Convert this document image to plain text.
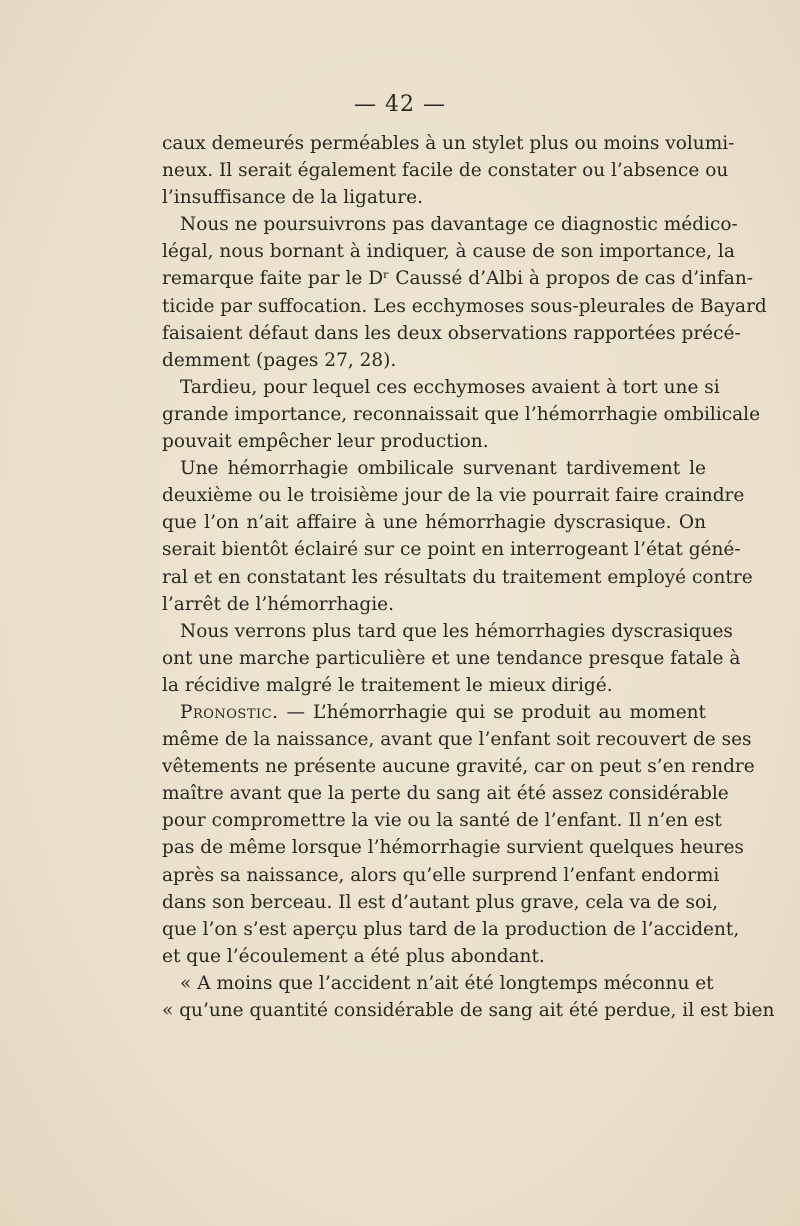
— 42 —
caux demeurés perméables à un stylet plus ou moins volumi-
neux. Il serait également facile de constater ou l’absence ou
l’insuffisance de la ligature.
Nous ne poursuivrons pas davantage ce diagnostic médico-
légal, nous bornant à indiquer, à cause de son importance, la
remarque faite par le Dʳ Caussé d’Albi à propos de cas d’infan-
ticide par suffocation. Les ecchymoses sous-pleurales de Bayard
faisaient défaut dans les deux observations rapportées précé-
demment (pages 27, 28).
Tardieu, pour lequel ces ecchymoses avaient à tort une si
grande importance, reconnaissait que l’hémorrhagie ombilicale
pouvait empêcher leur production.
Une hémorrhagie ombilicale survenant tardivement le
deuxième ou le troisième jour de la vie pourrait faire craindre
que l’on n’ait affaire à une hémorrhagie dyscrasique. On
serait bientôt éclairé sur ce point en interrogeant l’état géné-
ral et en constatant les résultats du traitement employé contre
l’arrêt de l’hémorrhagie.
Nous verrons plus tard que les hémorrhagies dyscrasiques
ont une marche particulière et une tendance presque fatale à
la récidive malgré le traitement le mieux dirigé.
Pronostic. — L’hémorrhagie qui se produit au moment
même de la naissance, avant que l’enfant soit recouvert de ses
vêtements ne présente aucune gravité, car on peut s’en rendre
maître avant que la perte du sang ait été assez considérable
pour compromettre la vie ou la santé de l’enfant. Il n’en est
pas de même lorsque l’hémorrhagie survient quelques heures
après sa naissance, alors qu’elle surprend l’enfant endormi
dans son berceau. Il est d’autant plus grave, cela va de soi,
que l’on s’est aperçu plus tard de la production de l’accident,
et que l’écoulement a été plus abondant.
« A moins que l’accident n’ait été longtemps méconnu et
« qu’une quantité considérable de sang ait été perdue, il est bien
